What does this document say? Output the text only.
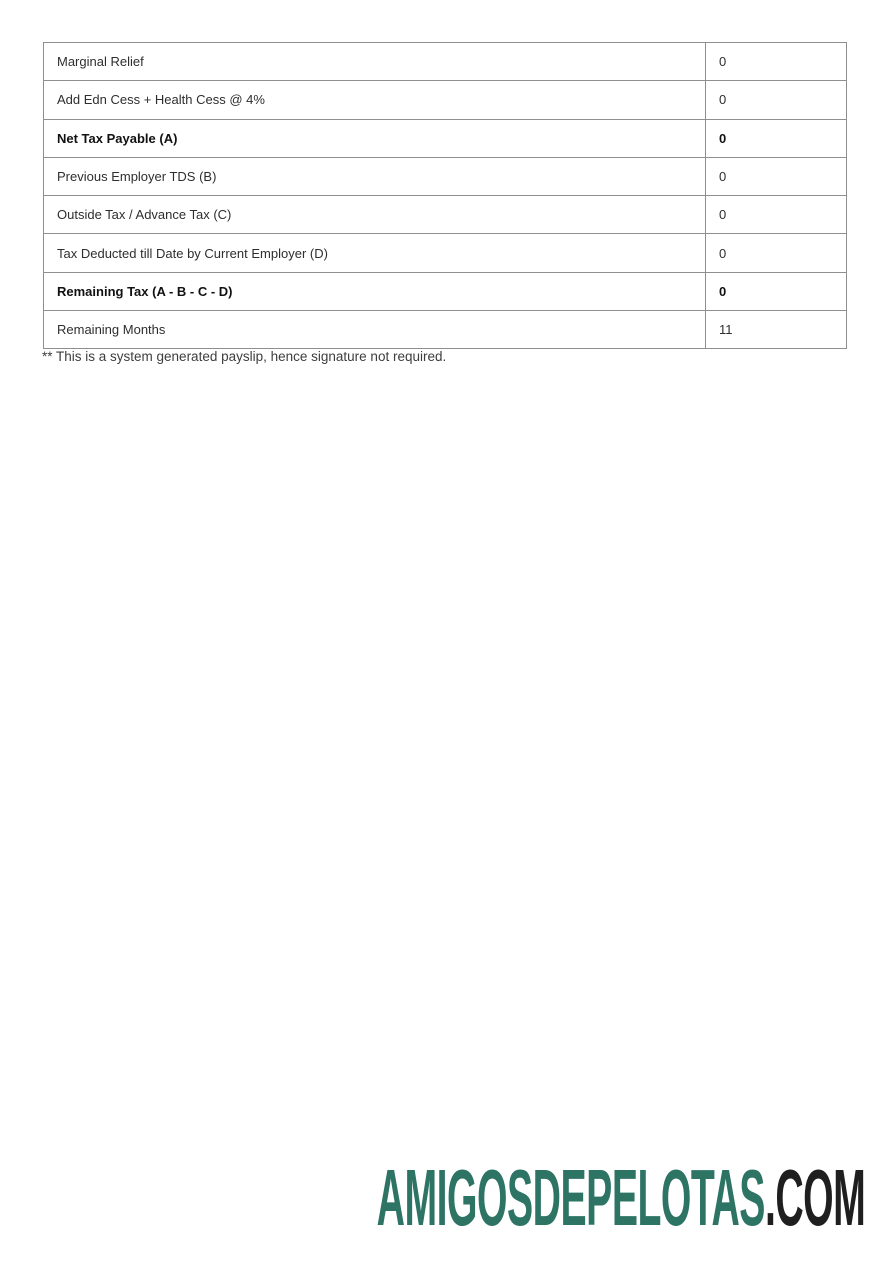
Marginal Relief	0
Add Edn Cess + Health Cess @ 4%	0
Net Tax Payable (A)	0
Previous Employer TDS (B)	0
Outside Tax / Advance Tax (C)	0
Tax Deducted till Date by Current Employer (D)	0
Remaining Tax (A - B - C - D)	0
Remaining Months	11
** This is a system generated payslip, hence signature not required.
AMIGOSDEPELOTAS.COM
